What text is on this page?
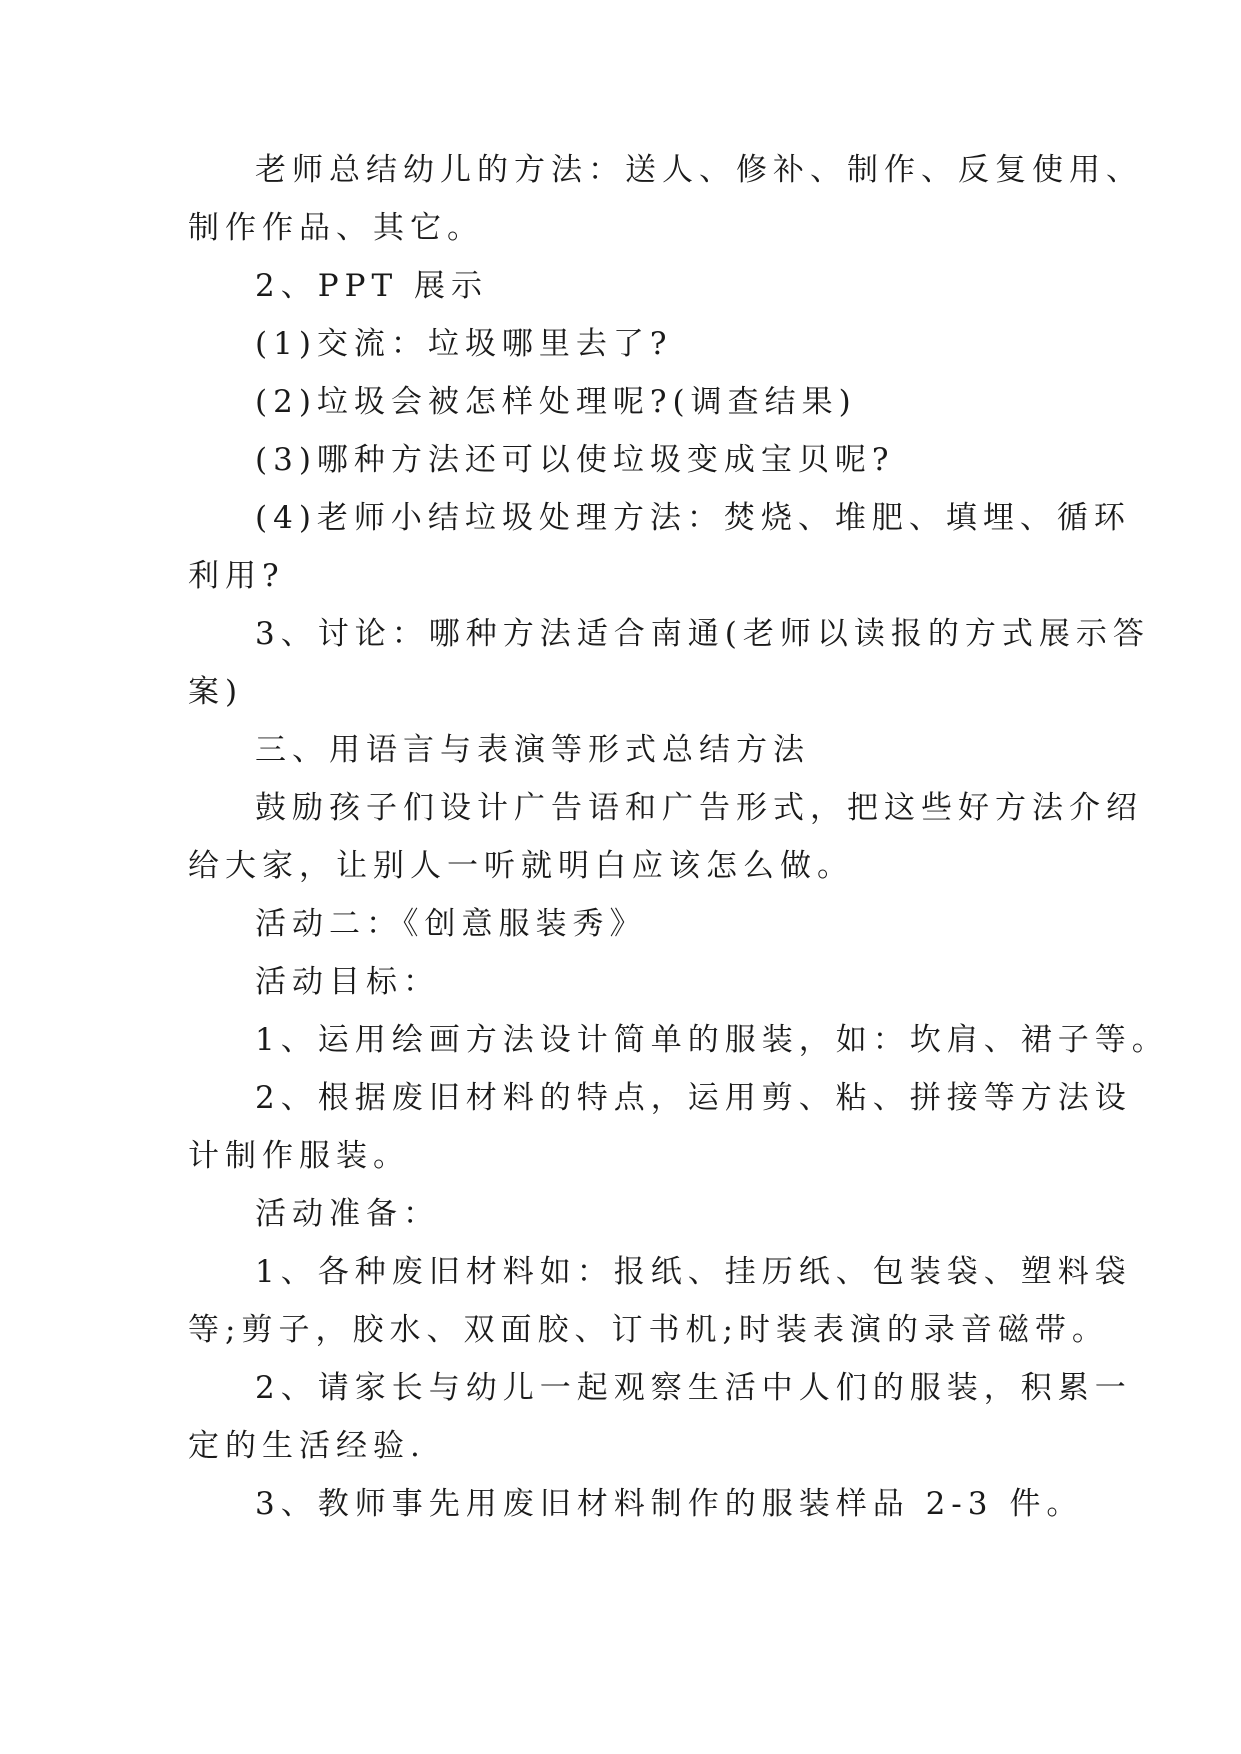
老师总结幼儿的方法：送人、修补、制作、反复使用、
制作作品、其它。
2、PPT 展示
(1)交流：垃圾哪里去了?
(2)垃圾会被怎样处理呢?(调查结果)
(3)哪种方法还可以使垃圾变成宝贝呢?
(4)老师小结垃圾处理方法：焚烧、堆肥、填埋、循环
利用?
3、讨论：哪种方法适合南通(老师以读报的方式展示答
案)
三、用语言与表演等形式总结方法
鼓励孩子们设计广告语和广告形式，把这些好方法介绍
给大家，让别人一听就明白应该怎么做。
活动二：《创意服装秀》
活动目标：
1、运用绘画方法设计简单的服装，如：坎肩、裙子等。
2、根据废旧材料的特点，运用剪、粘、拼接等方法设
计制作服装。
活动准备：
1、各种废旧材料如：报纸、挂历纸、包装袋、塑料袋
等;剪子，胶水、双面胶、订书机;时装表演的录音磁带。
2、请家长与幼儿一起观察生活中人们的服装，积累一
定的生活经验.
3、教师事先用废旧材料制作的服装样品 2-3 件。
